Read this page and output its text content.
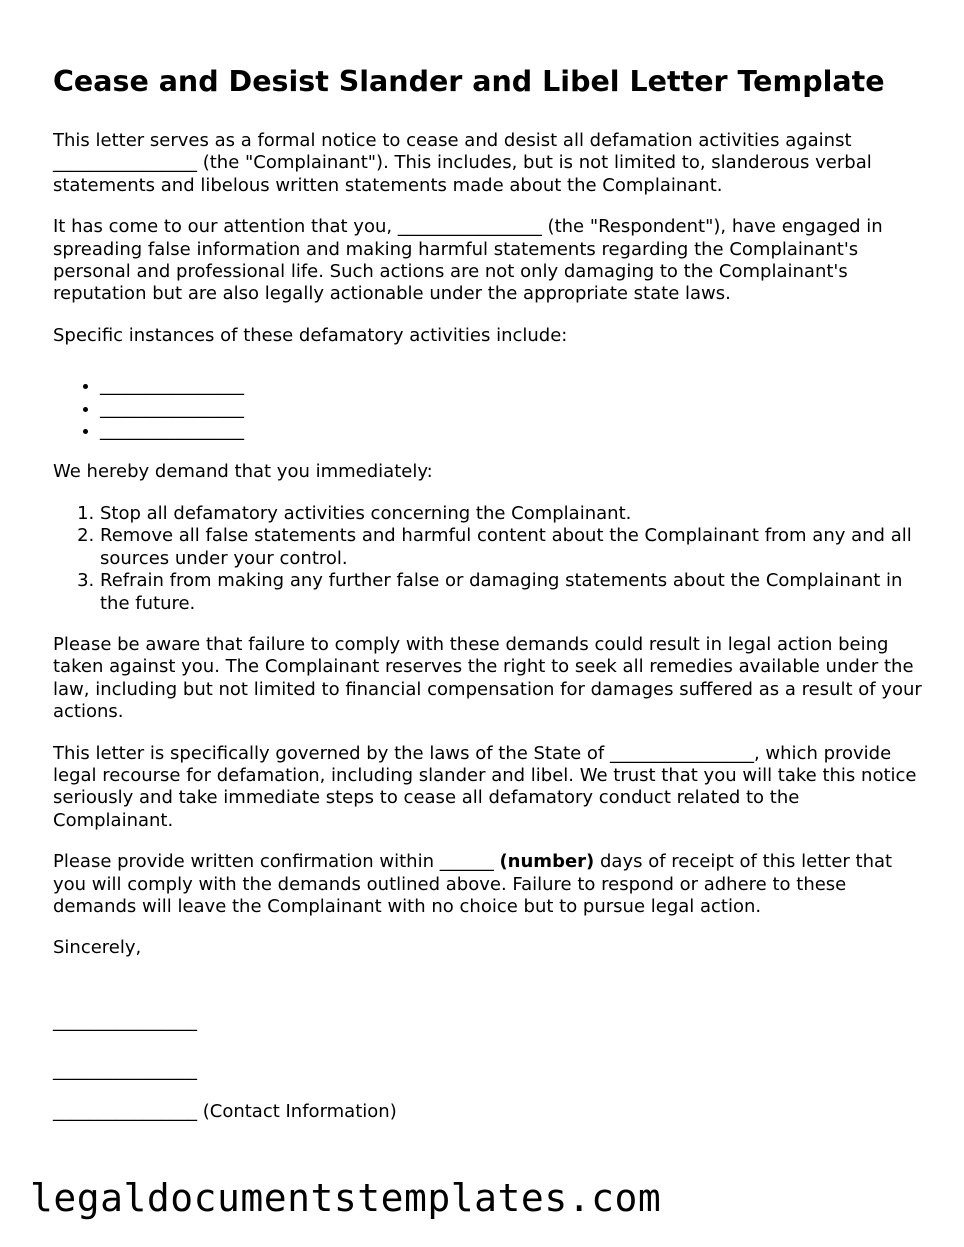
Cease and Desist Slander and Libel Letter Template

This letter serves as a formal notice to cease and desist all defamation activities against ________________ (the "Complainant"). This includes, but is not limited to, slanderous verbal statements and libelous written statements made about the Complainant.

It has come to our attention that you, ________________ (the "Respondent"), have engaged in spreading false information and making harmful statements regarding the Complainant's personal and professional life. Such actions are not only damaging to the Complainant's reputation but are also legally actionable under the appropriate state laws.

Specific instances of these defamatory activities include:

• ________________
• ________________
• ________________

We hereby demand that you immediately:

1. Stop all defamatory activities concerning the Complainant.
2. Remove all false statements and harmful content about the Complainant from any and all sources under your control.
3. Refrain from making any further false or damaging statements about the Complainant in the future.

Please be aware that failure to comply with these demands could result in legal action being taken against you. The Complainant reserves the right to seek all remedies available under the law, including but not limited to financial compensation for damages suffered as a result of your actions.

This letter is specifically governed by the laws of the State of ________________, which provide legal recourse for defamation, including slander and libel. We trust that you will take this notice seriously and take immediate steps to cease all defamatory conduct related to the Complainant.

Please provide written confirmation within ______ (number) days of receipt of this letter that you will comply with the demands outlined above. Failure to respond or adhere to these demands will leave the Complainant with no choice but to pursue legal action.

Sincerely,

________________

________________

________________ (Contact Information)

legaldocumentstemplates.com
